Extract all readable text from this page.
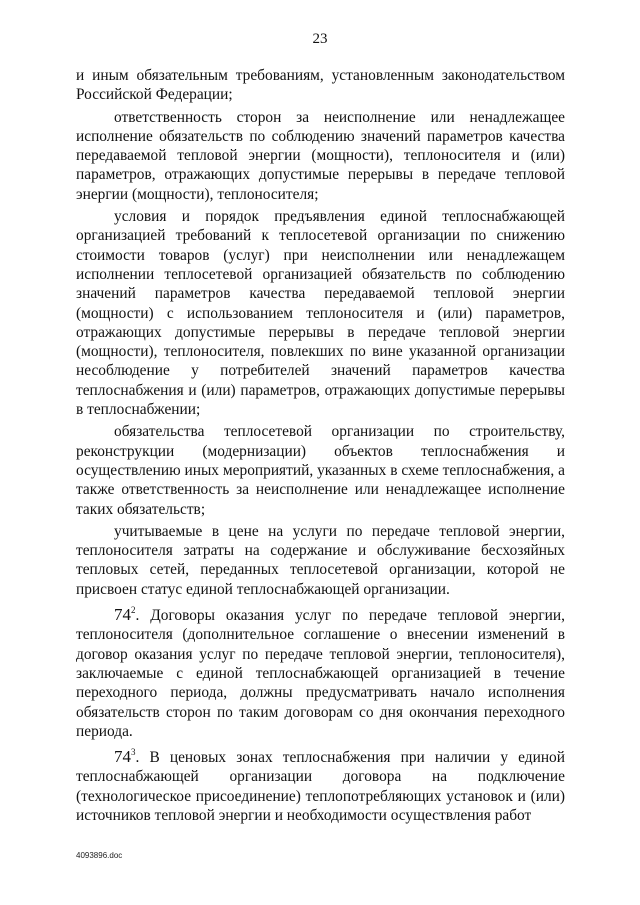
23

и иным обязательным требованиям, установленным законодательством Российской Федерации;

ответственность сторон за неисполнение или ненадлежащее исполнение обязательств по соблюдению значений параметров качества передаваемой тепловой энергии (мощности), теплоносителя и (или) параметров, отражающих допустимые перерывы в передаче тепловой энергии (мощности), теплоносителя;

условия и порядок предъявления единой теплоснабжающей организацией требований к теплосетевой организации по снижению стоимости товаров (услуг) при неисполнении или ненадлежащем исполнении теплосетевой организацией обязательств по соблюдению значений параметров качества передаваемой тепловой энергии (мощности) с использованием теплоносителя и (или) параметров, отражающих допустимые перерывы в передаче тепловой энергии (мощности), теплоносителя, повлекших по вине указанной организации несоблюдение у потребителей значений параметров качества теплоснабжения и (или) параметров, отражающих допустимые перерывы в теплоснабжении;

обязательства теплосетевой организации по строительству, реконструкции (модернизации) объектов теплоснабжения и осуществлению иных мероприятий, указанных в схеме теплоснабжения, а также ответственность за неисполнение или ненадлежащее исполнение таких обязательств;

учитываемые в цене на услуги по передаче тепловой энергии, теплоносителя затраты на содержание и обслуживание бесхозяйных тепловых сетей, переданных теплосетевой организации, которой не присвоен статус единой теплоснабжающей организации.

$74^2$. Договоры оказания услуг по передаче тепловой энергии, теплоносителя (дополнительное соглашение о внесении изменений в договор оказания услуг по передаче тепловой энергии, теплоносителя), заключаемые с единой теплоснабжающей организацией в течение переходного периода, должны предусматривать начало исполнения обязательств сторон по таким договорам со дня окончания переходного периода.

$74^3$. В ценовых зонах теплоснабжения при наличии у единой теплоснабжающей организации договора на подключение (технологическое присоединение) теплопотребляющих установок и (или) источников тепловой энергии и необходимости осуществления работ

4093896.doc
